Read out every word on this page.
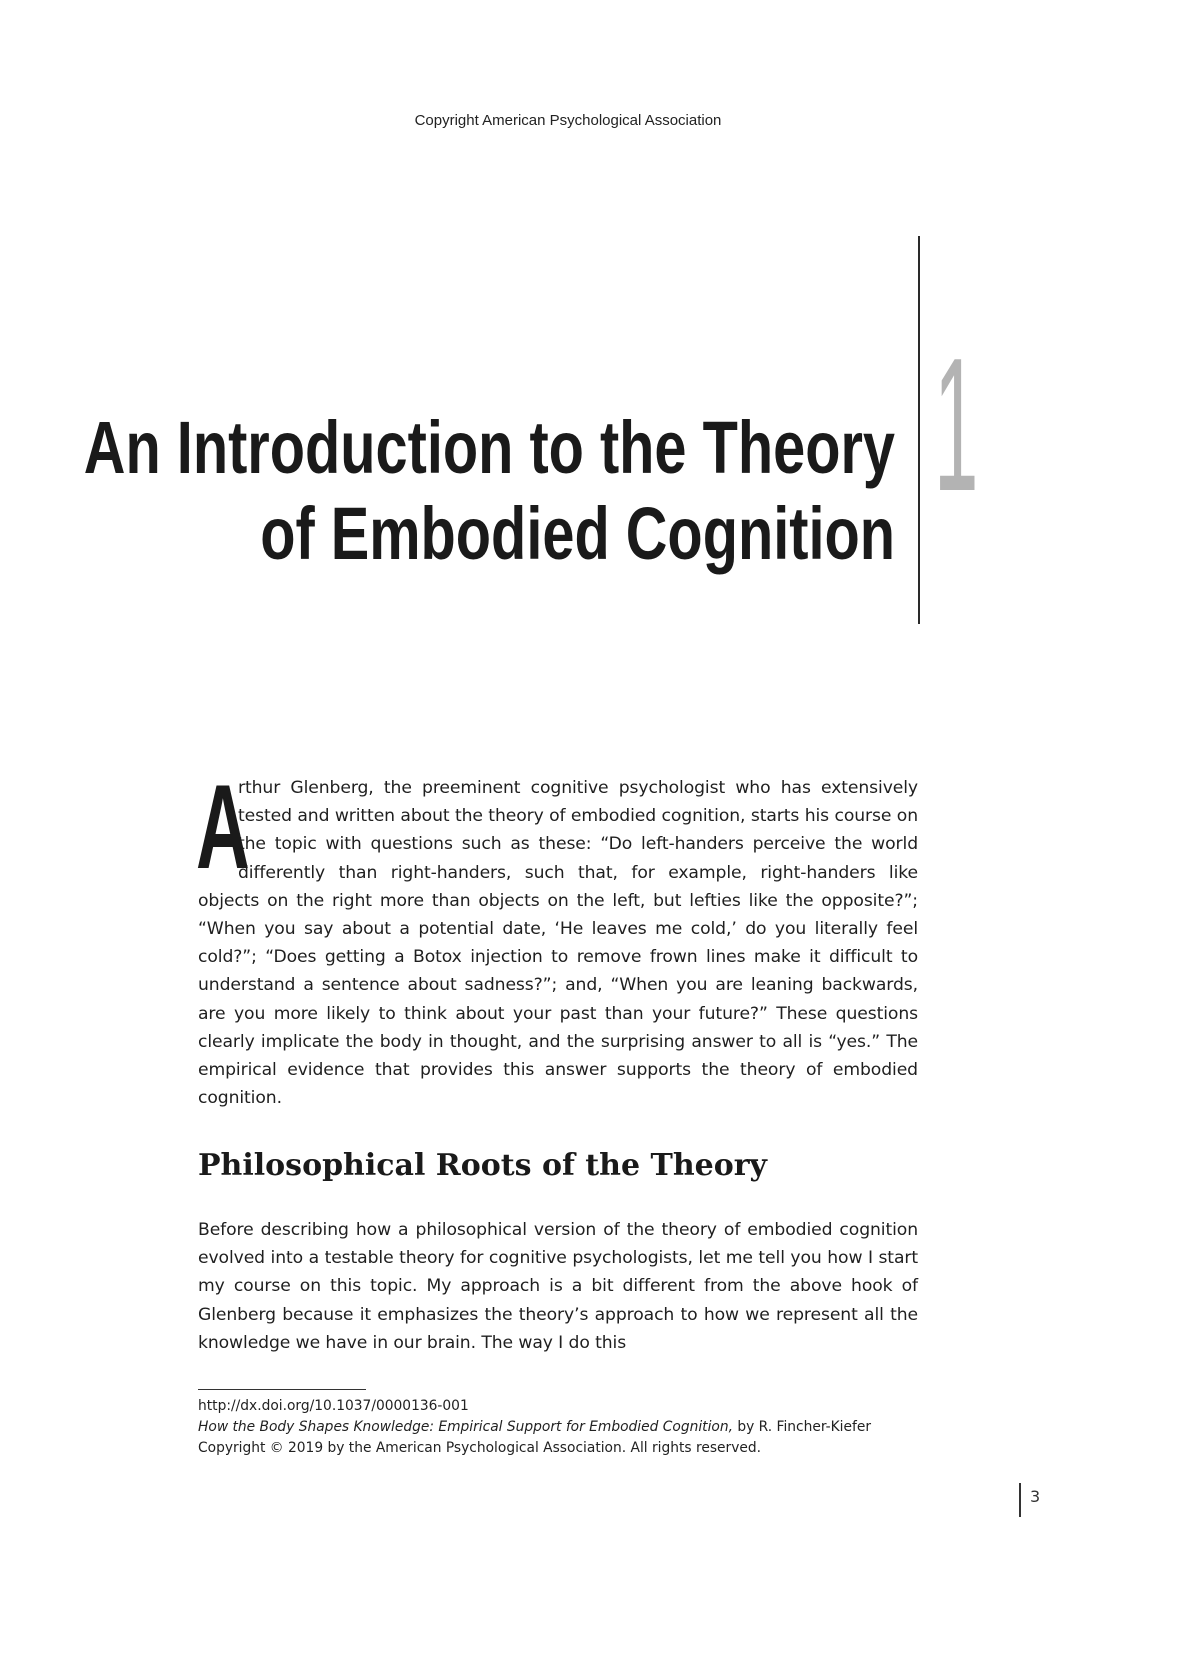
Copyright American Psychological Association
An Introduction to the Theory
of Embodied Cognition
1
A
rthur Glenberg, the preeminent cognitive psychologist who has extensively tested and written about the theory of embodied cognition, starts his course on the topic with questions such as these: “Do left-handers perceive the world differently than right-handers, such that, for example, right-handers like objects on the right more than objects on the left, but lefties like the opposite?”; “When you say about a potential date, ‘He leaves me cold,’ do you literally feel cold?”; “Does getting a Botox injection to remove frown lines make it difficult to understand a sentence about sadness?”; and, “When you are leaning backwards, are you more likely to think about your past than your future?” These questions clearly implicate the body in thought, and the surprising answer to all is “yes.” The empirical evidence that provides this answer supports the theory of embodied cognition.
Philosophical Roots of the Theory
Before describing how a philosophical version of the theory of embodied cognition evolved into a testable theory for cognitive psychologists, let me tell you how I start my course on this topic. My approach is a bit different from the above hook of Glenberg because it emphasizes the theory’s approach to how we represent all the knowledge we have in our brain. The way I do this
http://dx.doi.org/10.1037/0000136-001
How the Body Shapes Knowledge: Empirical Support for Embodied Cognition, by R. Fincher-Kiefer
Copyright © 2019 by the American Psychological Association. All rights reserved.
3
